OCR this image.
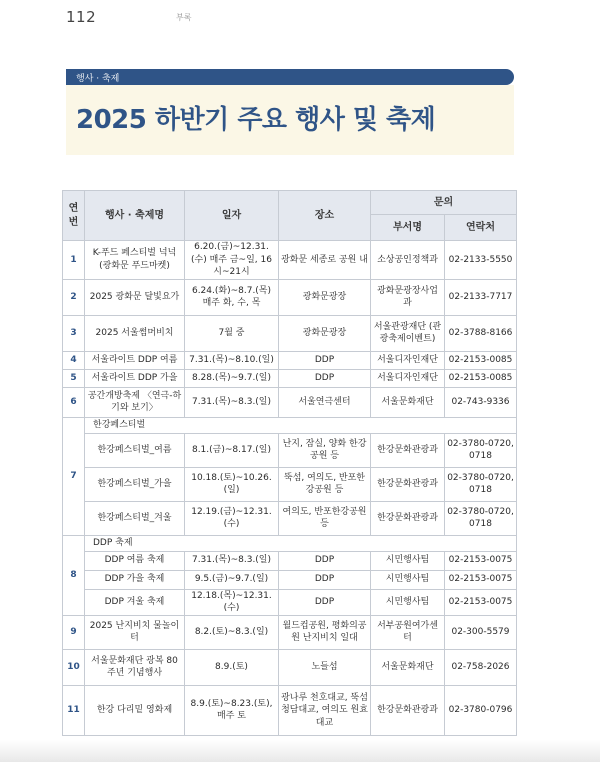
112	부록
행사 · 축제
2025 하반기 주요 행사 및 축제
연번	행사 · 축제명	일자	장소	문의	
				부서명	연락처
1	K-푸드 페스티벌 넉넉(광화문 푸드마켓)	6.20.(금)~12.31.(수) 매주 금~일, 16시~21시	광화문 세종로 공원 내	소상공인정책과	02-2133-5550
2	2025 광화문 달빛요가	6.24.(화)~8.7.(목) 매주 화, 수, 목	광화문광장	광화문광장사업과	02-2133-7717
3	2025 서울썸머비치	7월 중	광화문광장	서울관광재단 (관광축제이벤트)	02-3788-8166
4	서울라이트 DDP 여름	7.31.(목)~8.10.(일)	DDP	서울디자인재단	02-2153-0085
5	서울라이트 DDP 가을	8.28.(목)~9.7.(일)	DDP	서울디자인재단	02-2153-0085
6	공간개방축제 〈연극-하기와 보기〉	7.31.(목)~8.3.(일)	서울연극센터	서울문화재단	02-743-9336
7	한강페스티벌				
	한강페스티벌_여름	8.1.(금)~8.17.(일)	난지, 잠실, 양화 한강공원 등	한강문화관광과	02-3780-0720, 0718
	한강페스티벌_가을	10.18.(토)~10.26.(일)	뚝섬, 여의도, 반포한강공원 등	한강문화관광과	02-3780-0720, 0718
	한강페스티벌_겨울	12.19.(금)~12.31.(수)	여의도, 반포한강공원 등	한강문화관광과	02-3780-0720, 0718
8	DDP 축제				
	DDP 여름 축제	7.31.(목)~8.3.(일)	DDP	시민행사팀	02-2153-0075
	DDP 가을 축제	9.5.(금)~9.7.(일)	DDP	시민행사팀	02-2153-0075
	DDP 겨울 축제	12.18.(목)~12.31.(수)	DDP	시민행사팀	02-2153-0075
9	2025 난지비치 물놀이터	8.2.(토)~8.3.(일)	월드컵공원, 평화의공원 난지비치 일대	서부공원여가센터	02-300-5579
10	서울문화재단 광복 80주년 기념행사	8.9.(토)	노들섬	서울문화재단	02-758-2026
11	한강 다리밑 영화제	8.9.(토)~8.23.(토), 매주 토	광나루 천호대교, 뚝섬 청담대교, 여의도 원효대교	한강문화관광과	02-3780-0796
